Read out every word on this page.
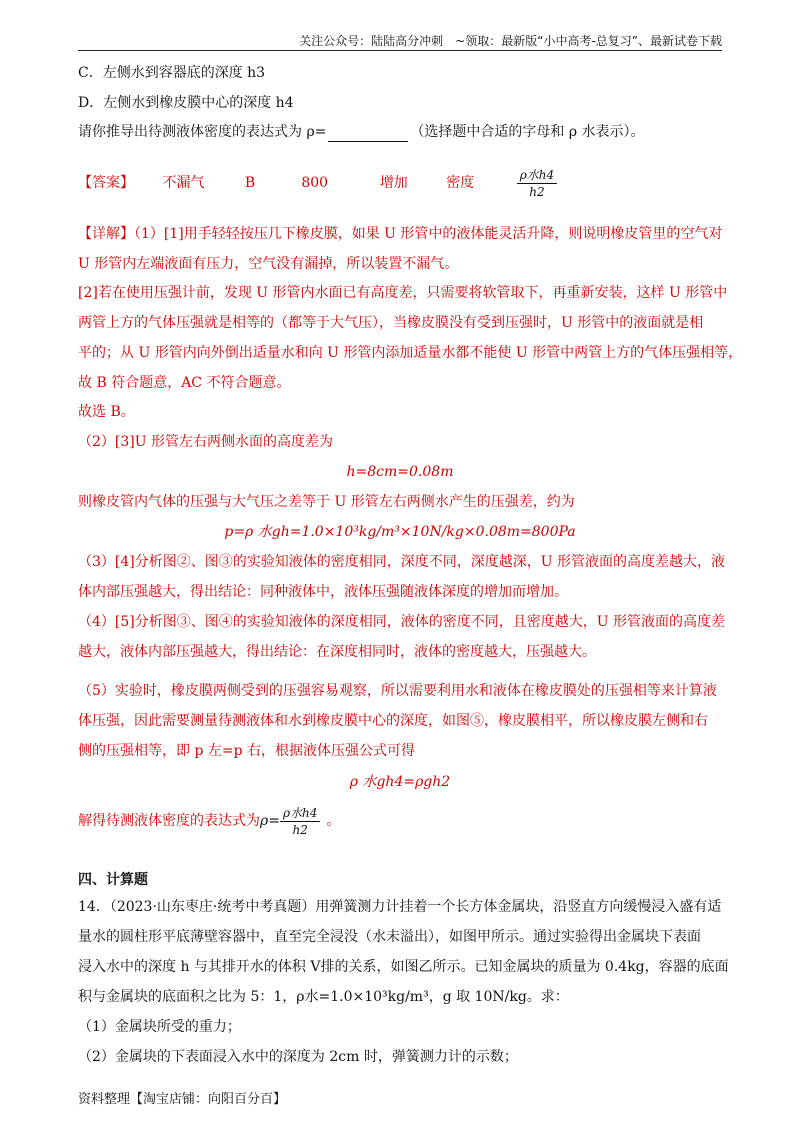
关注公众号：陆陆高分冲刺　~领取：最新版“小中高考-总复习”、最新试卷下载
C．左侧水到容器底的深度 h3
D．左侧水到橡皮膜中心的深度 h4
请你推导出待测液体密度的表达式为 ρ=	（选择题中合适的字母和 ρ 水表示）。
【答案】 不漏气	B	800	增加	密度	$\frac{\text{ρ水h4}}{h2}$
【详解】（1）[1]用手轻轻按压几下橡皮膜，如果 U 形管中的液体能灵活升降，则说明橡皮管里的空气对
U 形管内左端液面有压力，空气没有漏掉，所以装置不漏气。
[2]若在使用压强计前，发现 U 形管内水面已有高度差，只需要将软管取下，再重新安装，这样 U 形管中
两管上方的气体压强就是相等的（都等于大气压），当橡皮膜没有受到压强时，U 形管中的液面就是相
平的；从 U 形管内向外倒出适量水和向 U 形管内添加适量水都不能使 U 形管中两管上方的气体压强相等，
故 B 符合题意，AC 不符合题意。
故选 B。
（2）[3]U 形管左右两侧水面的高度差为
h=8cm=0.08m
则橡皮管内气体的压强与大气压之差等于 U 形管左右两侧水产生的压强差，约为
p=ρ 水gh=1.0×10³kg/m³×10N/kg×0.08m=800Pa
（3）[4]分析图②、图③的实验知液体的密度相同，深度不同，深度越深，U 形管液面的高度差越大，液
体内部压强越大，得出结论：同种液体中，液体压强随液体深度的增加而增加。
（4）[5]分析图③、图④的实验知液体的深度相同，液体的密度不同，且密度越大，U 形管液面的高度差
越大，液体内部压强越大，得出结论：在深度相同时，液体的密度越大，压强越大。
（5）实验时，橡皮膜两侧受到的压强容易观察，所以需要利用水和液体在橡皮膜处的压强相等来计算液
体压强，因此需要测量待测液体和水到橡皮膜中心的深度，如图⑤，橡皮膜相平，所以橡皮膜左侧和右
侧的压强相等，即 p 左=p 右，根据液体压强公式可得
ρ 水gh4=ρgh2
解得待测液体密度的表达式为$\rho= \frac{\text{ρ水h4}}{h2}$ 。
四、计算题
14．（2023·山东枣庄·统考中考真题）用弹簧测力计挂着一个长方体金属块，沿竖直方向缓慢浸入盛有适
量水的圆柱形平底薄壁容器中，直至完全浸没（水未溢出），如图甲所示。通过实验得出金属块下表面
浸入水中的深度 h 与其排开水的体积 V排的关系，如图乙所示。已知金属块的质量为 0.4kg，容器的底面
积与金属块的底面积之比为 5：1，ρ水=1.0×10³kg/m³，g 取 10N/kg。求：
（1）金属块所受的重力；
（2）金属块的下表面浸入水中的深度为 2cm 时，弹簧测力计的示数；
资料整理【淘宝店铺：向阳百分百】
